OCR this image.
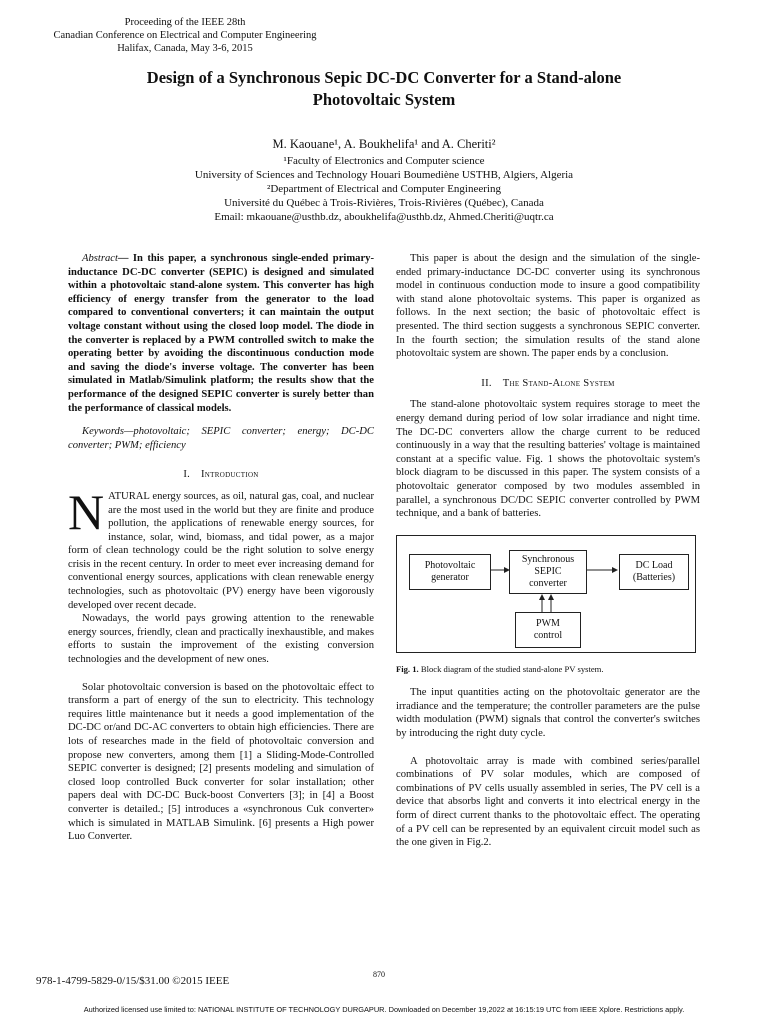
Proceeding of the IEEE 28th
Canadian Conference on Electrical and Computer Engineering
Halifax, Canada, May 3-6, 2015
Design of a Synchronous Sepic DC-DC Converter for a Stand-alone
Photovoltaic System
M. Kaouane¹, A. Boukhelifa¹ and A. Cheriti²
¹Faculty of Electronics and Computer science
University of Sciences and Technology Houari Boumediène USTHB, Algiers, Algeria
²Department of Electrical and Computer Engineering
Université du Québec à Trois-Rivières, Trois-Rivières (Québec), Canada
Email: mkaouane@usthb.dz, aboukhelifa@usthb.dz, Ahmed.Cheriti@uqtr.ca

Abstract— In this paper, a synchronous single-ended primary-inductance DC-DC converter (SEPIC) is designed and simulated within a photovoltaic stand-alone system. This converter has high efficiency of energy transfer from the generator to the load compared to conventional converters; it can maintain the output voltage constant without using the closed loop model. The diode in the converter is replaced by a PWM controlled switch to make the operating better by avoiding the discontinuous conduction mode and saving the diode's inverse voltage. The converter has been simulated in Matlab/Simulink platform; the results show that the performance of the designed SEPIC converter is surely better than the performance of classical models.

Keywords—photovoltaic; SEPIC converter; energy; DC-DC converter; PWM; efficiency

I. Introduction

NATURAL energy sources, as oil, natural gas, coal, and nuclear are the most used in the world but they are finite and produce pollution, the applications of renewable energy sources, for instance, solar, wind, biomass, and tidal power, as a major form of clean technology could be the right solution to solve energy crisis in the recent century. In order to meet ever increasing demand for conventional energy sources, applications with clean renewable energy technologies, such as photovoltaic (PV) energy have been vigorously developed over recent decade.

Nowadays, the world pays growing attention to the renewable energy sources, friendly, clean and practically inexhaustible, and makes efforts to sustain the improvement of the existing conversion technologies and the development of new ones.

Solar photovoltaic conversion is based on the photovoltaic effect to transform a part of energy of the sun to electricity. This technology requires little maintenance but it needs a good implementation of the DC-DC or/and DC-AC converters to obtain high efficiencies. There are lots of researches made in the field of photovoltaic conversion and propose new converters, among them [1] a Sliding-Mode-Controlled SEPIC converter is designed; [2] presents modeling and simulation of closed loop controlled Buck converter for solar installation; other papers deal with DC-DC Buck-boost Converters [3]; in [4] a Boost converter is detailed.; [5] introduces a «synchronous Cuk converter» which is simulated in MATLAB Simulink. [6] presents a High power Luo Converter.

This paper is about the design and the simulation of the single-ended primary-inductance DC-DC converter using its synchronous model in continuous conduction mode to insure a good compatibility with stand alone photovoltaic systems. This paper is organized as follows. In the next section; the basic of photovoltaic effect is presented. The third section suggests a synchronous SEPIC converter. In the fourth section; the simulation results of the stand alone photovoltaic system are shown. The paper ends by a conclusion.

II. The Stand-Alone System

The stand-alone photovoltaic system requires storage to meet the energy demand during period of low solar irradiance and night time. The DC-DC converters allow the charge current to be reduced continuously in a way that the resulting batteries' voltage is maintained constant at a specific value. Fig. 1 shows the photovoltaic system's block diagram to be discussed in this paper. The system consists of a photovoltaic generator composed by two modules assembled in parallel, a synchronous DC/DC SEPIC converter controlled by PWM technique, and a bank of batteries.

Photovoltaic
generator
Synchronous
SEPIC
converter
DC Load
(Batteries)
PWM
control
Fig. 1. Block diagram of the studied stand-alone PV system.

The input quantities acting on the photovoltaic generator are the irradiance and the temperature; the controller parameters are the pulse width modulation (PWM) signals that control the converter's switches by introducing the right duty cycle.

A photovoltaic array is made with combined series/parallel combinations of PV solar modules, which are composed of combinations of PV cells usually assembled in series, The PV cell is a device that absorbs light and converts it into electrical energy in the form of direct current thanks to the photovoltaic effect. The operating of a PV cell can be represented by an equivalent circuit model such as the one given in Fig.2.

978-1-4799-5829-0/15/$31.00 ©2015 IEEE
870
Authorized licensed use limited to: NATIONAL INSTITUTE OF TECHNOLOGY DURGAPUR. Downloaded on December 19,2022 at 16:15:19 UTC from IEEE Xplore. Restrictions apply.
